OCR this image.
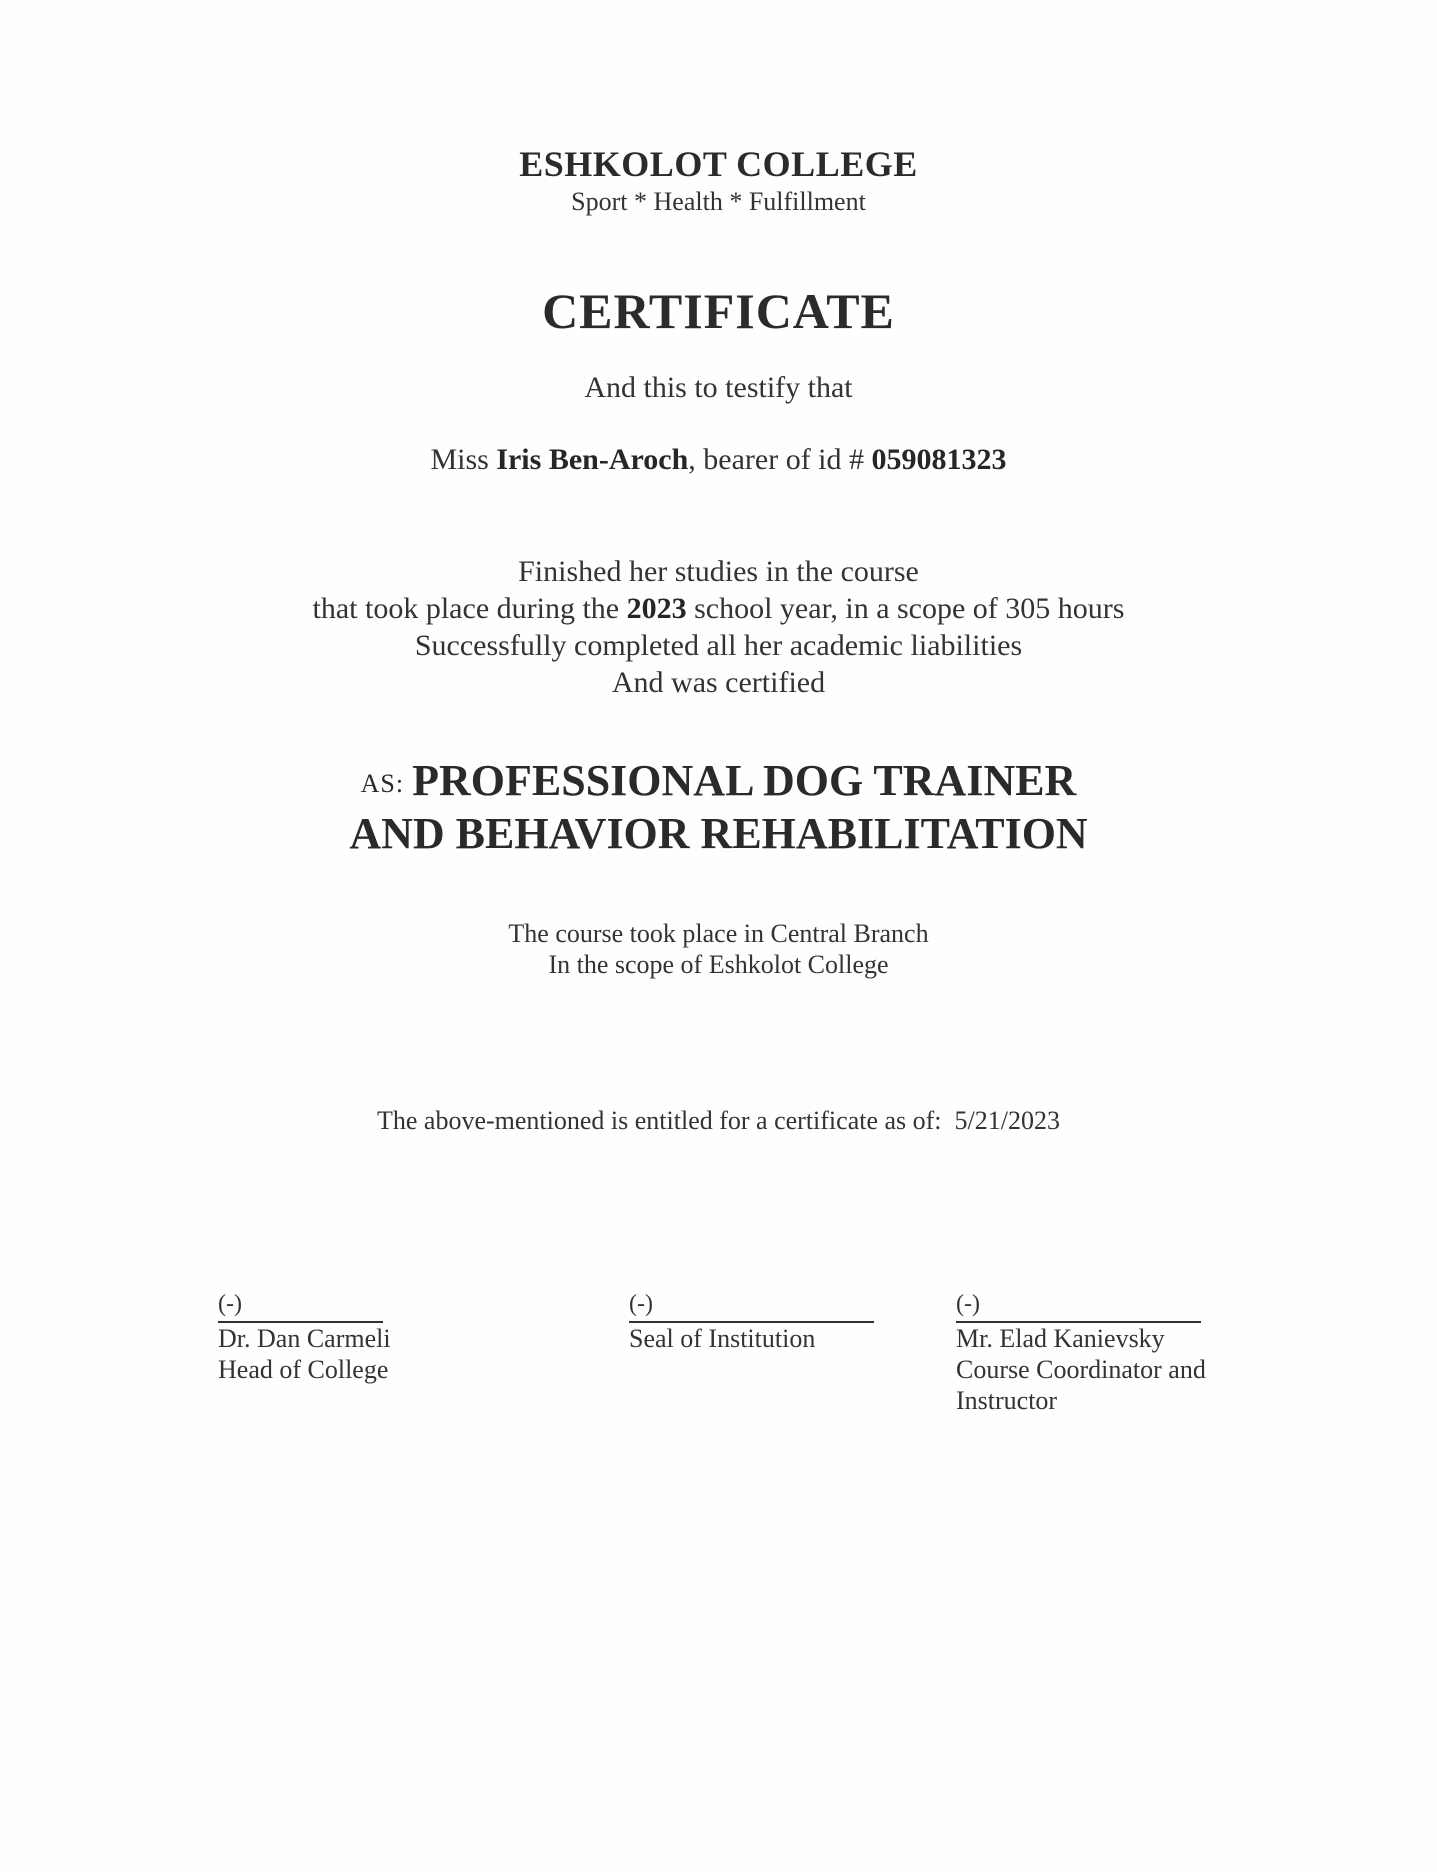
ESHKOLOT COLLEGE
Sport * Health * Fulfillment
CERTIFICATE
And this to testify that
Miss Iris Ben-Aroch, bearer of id # 059081323
Finished her studies in the course
that took place during the 2023 school year, in a scope of 305 hours
Successfully completed all her academic liabilities
And was certified
AS: PROFESSIONAL DOG TRAINER
AND BEHAVIOR REHABILITATION
The course took place in Central Branch
In the scope of Eshkolot College
The above-mentioned is entitled for a certificate as of: 5/21/2023
(-)
Dr. Dan Carmeli
Head of College
(-)
Seal of Institution
(-)
Mr. Elad Kanievsky
Course Coordinator and
Instructor
